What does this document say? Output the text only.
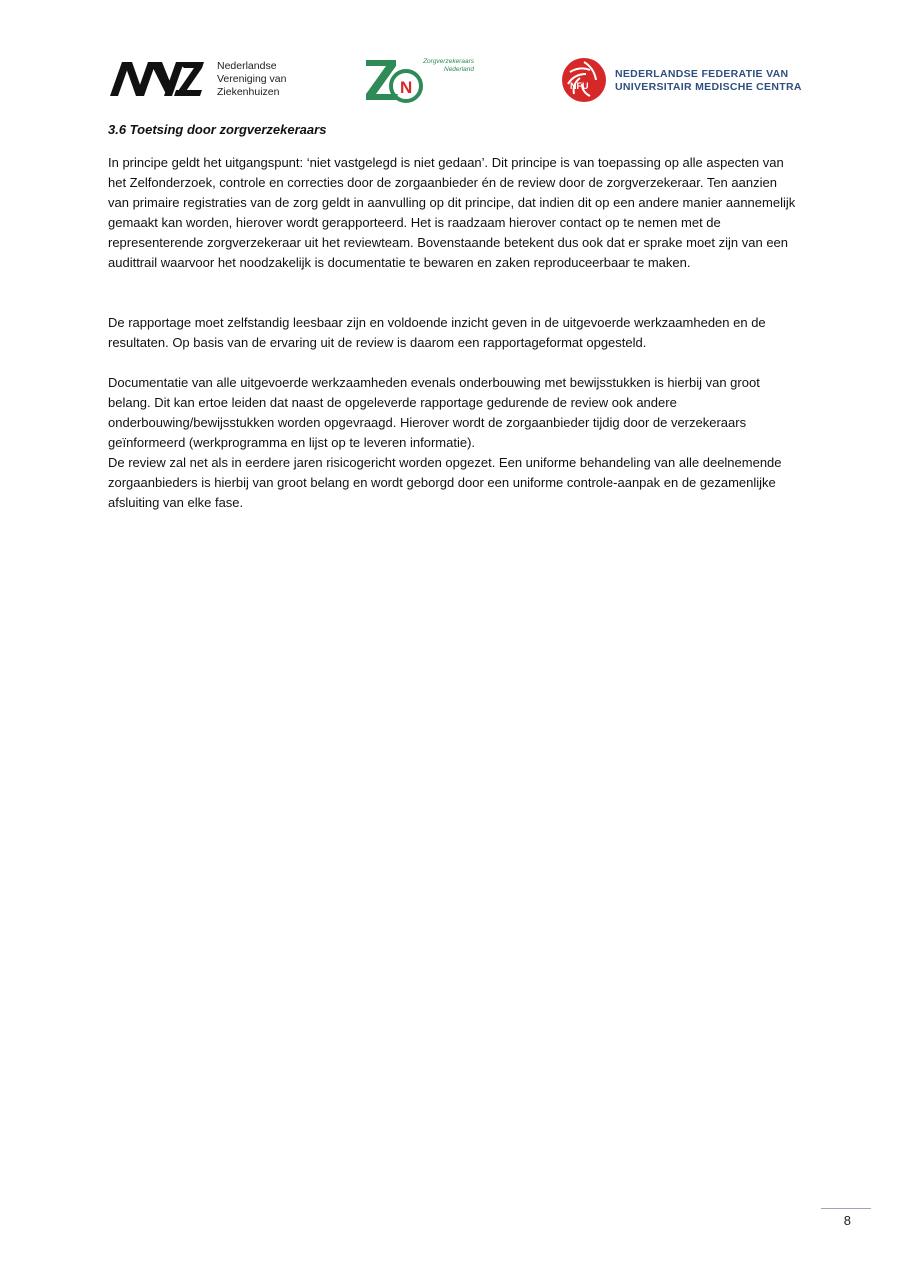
Nederlandse
Vereniging van
Ziekenhuizen	N
Zorgverzekeraars
Nederland
NFU
NEDERLANDSE FEDERATIE VAN
UNIVERSITAIR MEDISCHE CENTRA
3.6 Toetsing door zorgverzekeraars

In principe geldt het uitgangspunt: ‘niet vastgelegd is niet gedaan’. Dit principe is van toepassing op alle aspecten van het Zelfonderzoek, controle en correcties door de zorgaanbieder én de review door de zorgverzekeraar. Ten aanzien van primaire registraties van de zorg geldt in aanvulling op dit principe, dat indien dit op een andere manier aannemelijk gemaakt kan worden, hierover wordt gerapporteerd. Het is raadzaam hierover contact op te nemen met de representerende zorgverzekeraar uit het reviewteam. Bovenstaande betekent dus ook dat er sprake moet zijn van een audittrail waarvoor het noodzakelijk is documentatie te bewaren en zaken reproduceerbaar te maken.

De rapportage moet zelfstandig leesbaar zijn en voldoende inzicht geven in de uitgevoerde werkzaamheden en de resultaten. Op basis van de ervaring uit de review is daarom een rapportageformat opgesteld.

Documentatie van alle uitgevoerde werkzaamheden evenals onderbouwing met bewijsstukken is hierbij van groot belang. Dit kan ertoe leiden dat naast de opgeleverde rapportage gedurende de review ook andere onderbouwing/bewijsstukken worden opgevraagd. Hierover wordt de zorgaanbieder tijdig door de verzekeraars geïnformeerd (werkprogramma en lijst op te leveren informatie).

De review zal net als in eerdere jaren risicogericht worden opgezet. Een uniforme behandeling van alle deelnemende zorgaanbieders is hierbij van groot belang en wordt geborgd door een uniforme controle-aanpak en de gezamenlijke afsluiting van elke fase.

8
